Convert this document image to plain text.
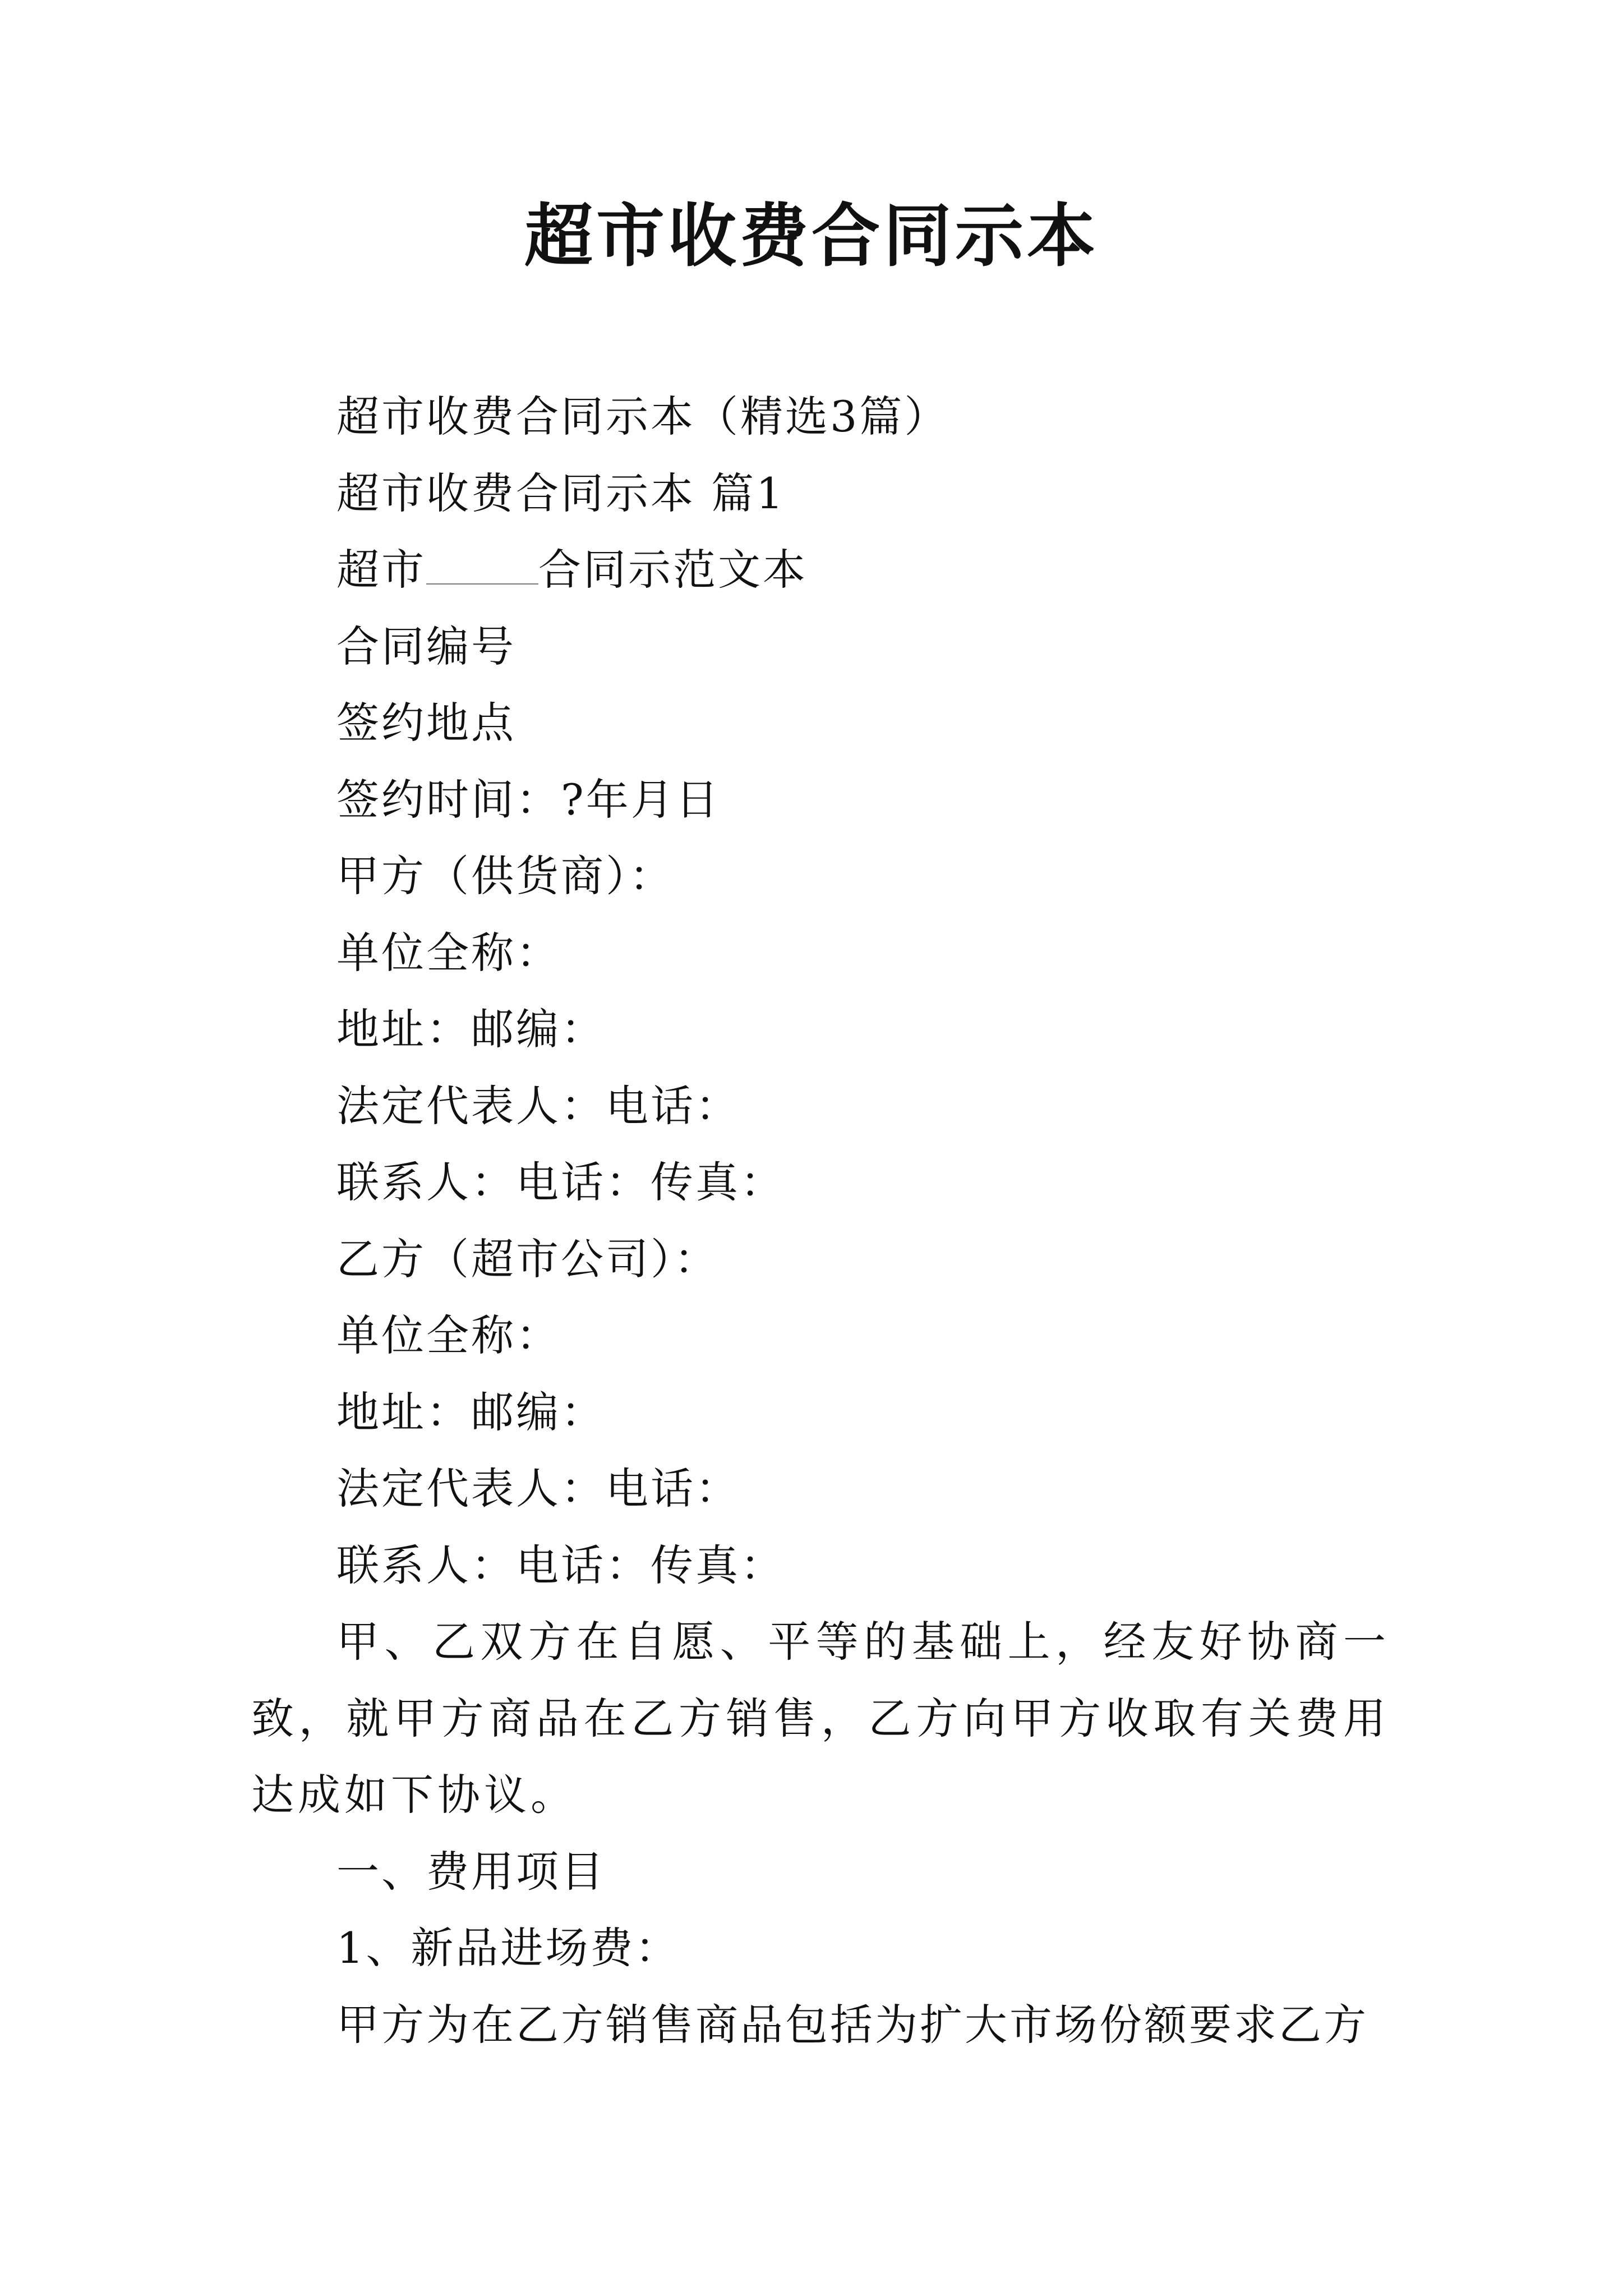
超市收费合同示本
超市收费合同示本（精选3篇）
超市收费合同示本 篇1
超市	合同示范文本
合同编号
签约地点
签约时间：?年月日
甲方（供货商）：
单位全称：
地址：邮编：
法定代表人：电话：
联系人：电话：传真：
乙方（超市公司）：
单位全称：
地址：邮编：
法定代表人：电话：
联系人：电话：传真：
甲、乙双方在自愿、平等的基础上，经友好协商一致，就甲方商品在乙方销售，乙方向甲方收取有关费用达成如下协议。
一、费用项目
1、新品进场费：
甲方为在乙方销售商品包括为扩大市场份额要求乙方
